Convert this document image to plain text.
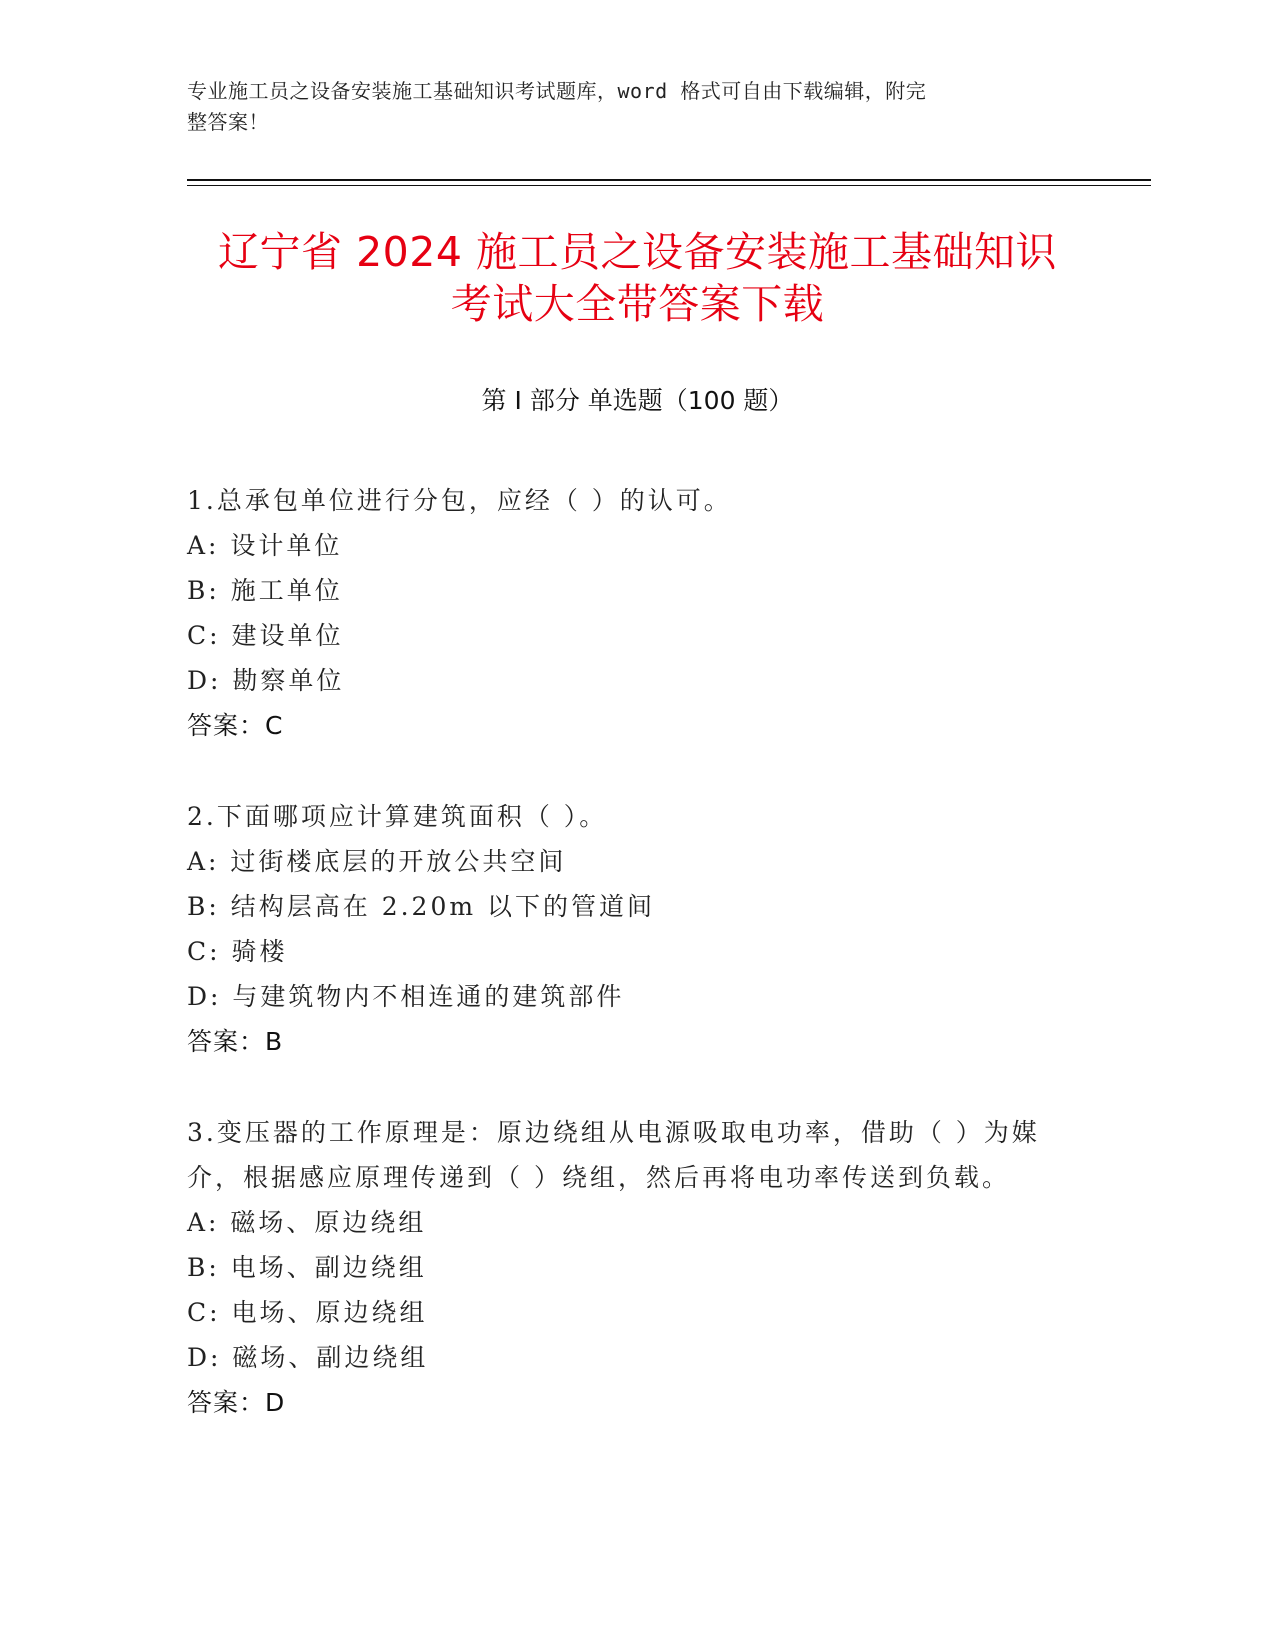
专业施工员之设备安装施工基础知识考试题库，word 格式可自由下载编辑，附完
整答案！
辽宁省 2024 施工员之设备安装施工基础知识
考试大全带答案下载
第 I 部分 单选题（100 题）
1.总承包单位进行分包，应经（ ）的认可。
A: 设计单位
B: 施工单位
C: 建设单位
D: 勘察单位
答案：C
2.下面哪项应计算建筑面积（ ）。
A: 过街楼底层的开放公共空间
B: 结构层高在 2.20m 以下的管道间
C: 骑楼
D: 与建筑物内不相连通的建筑部件
答案：B
3.变压器的工作原理是：原边绕组从电源吸取电功率，借助（ ）为媒
介，根据感应原理传递到（ ）绕组，然后再将电功率传送到负载。
A: 磁场、原边绕组
B: 电场、副边绕组
C: 电场、原边绕组
D: 磁场、副边绕组
答案：D
